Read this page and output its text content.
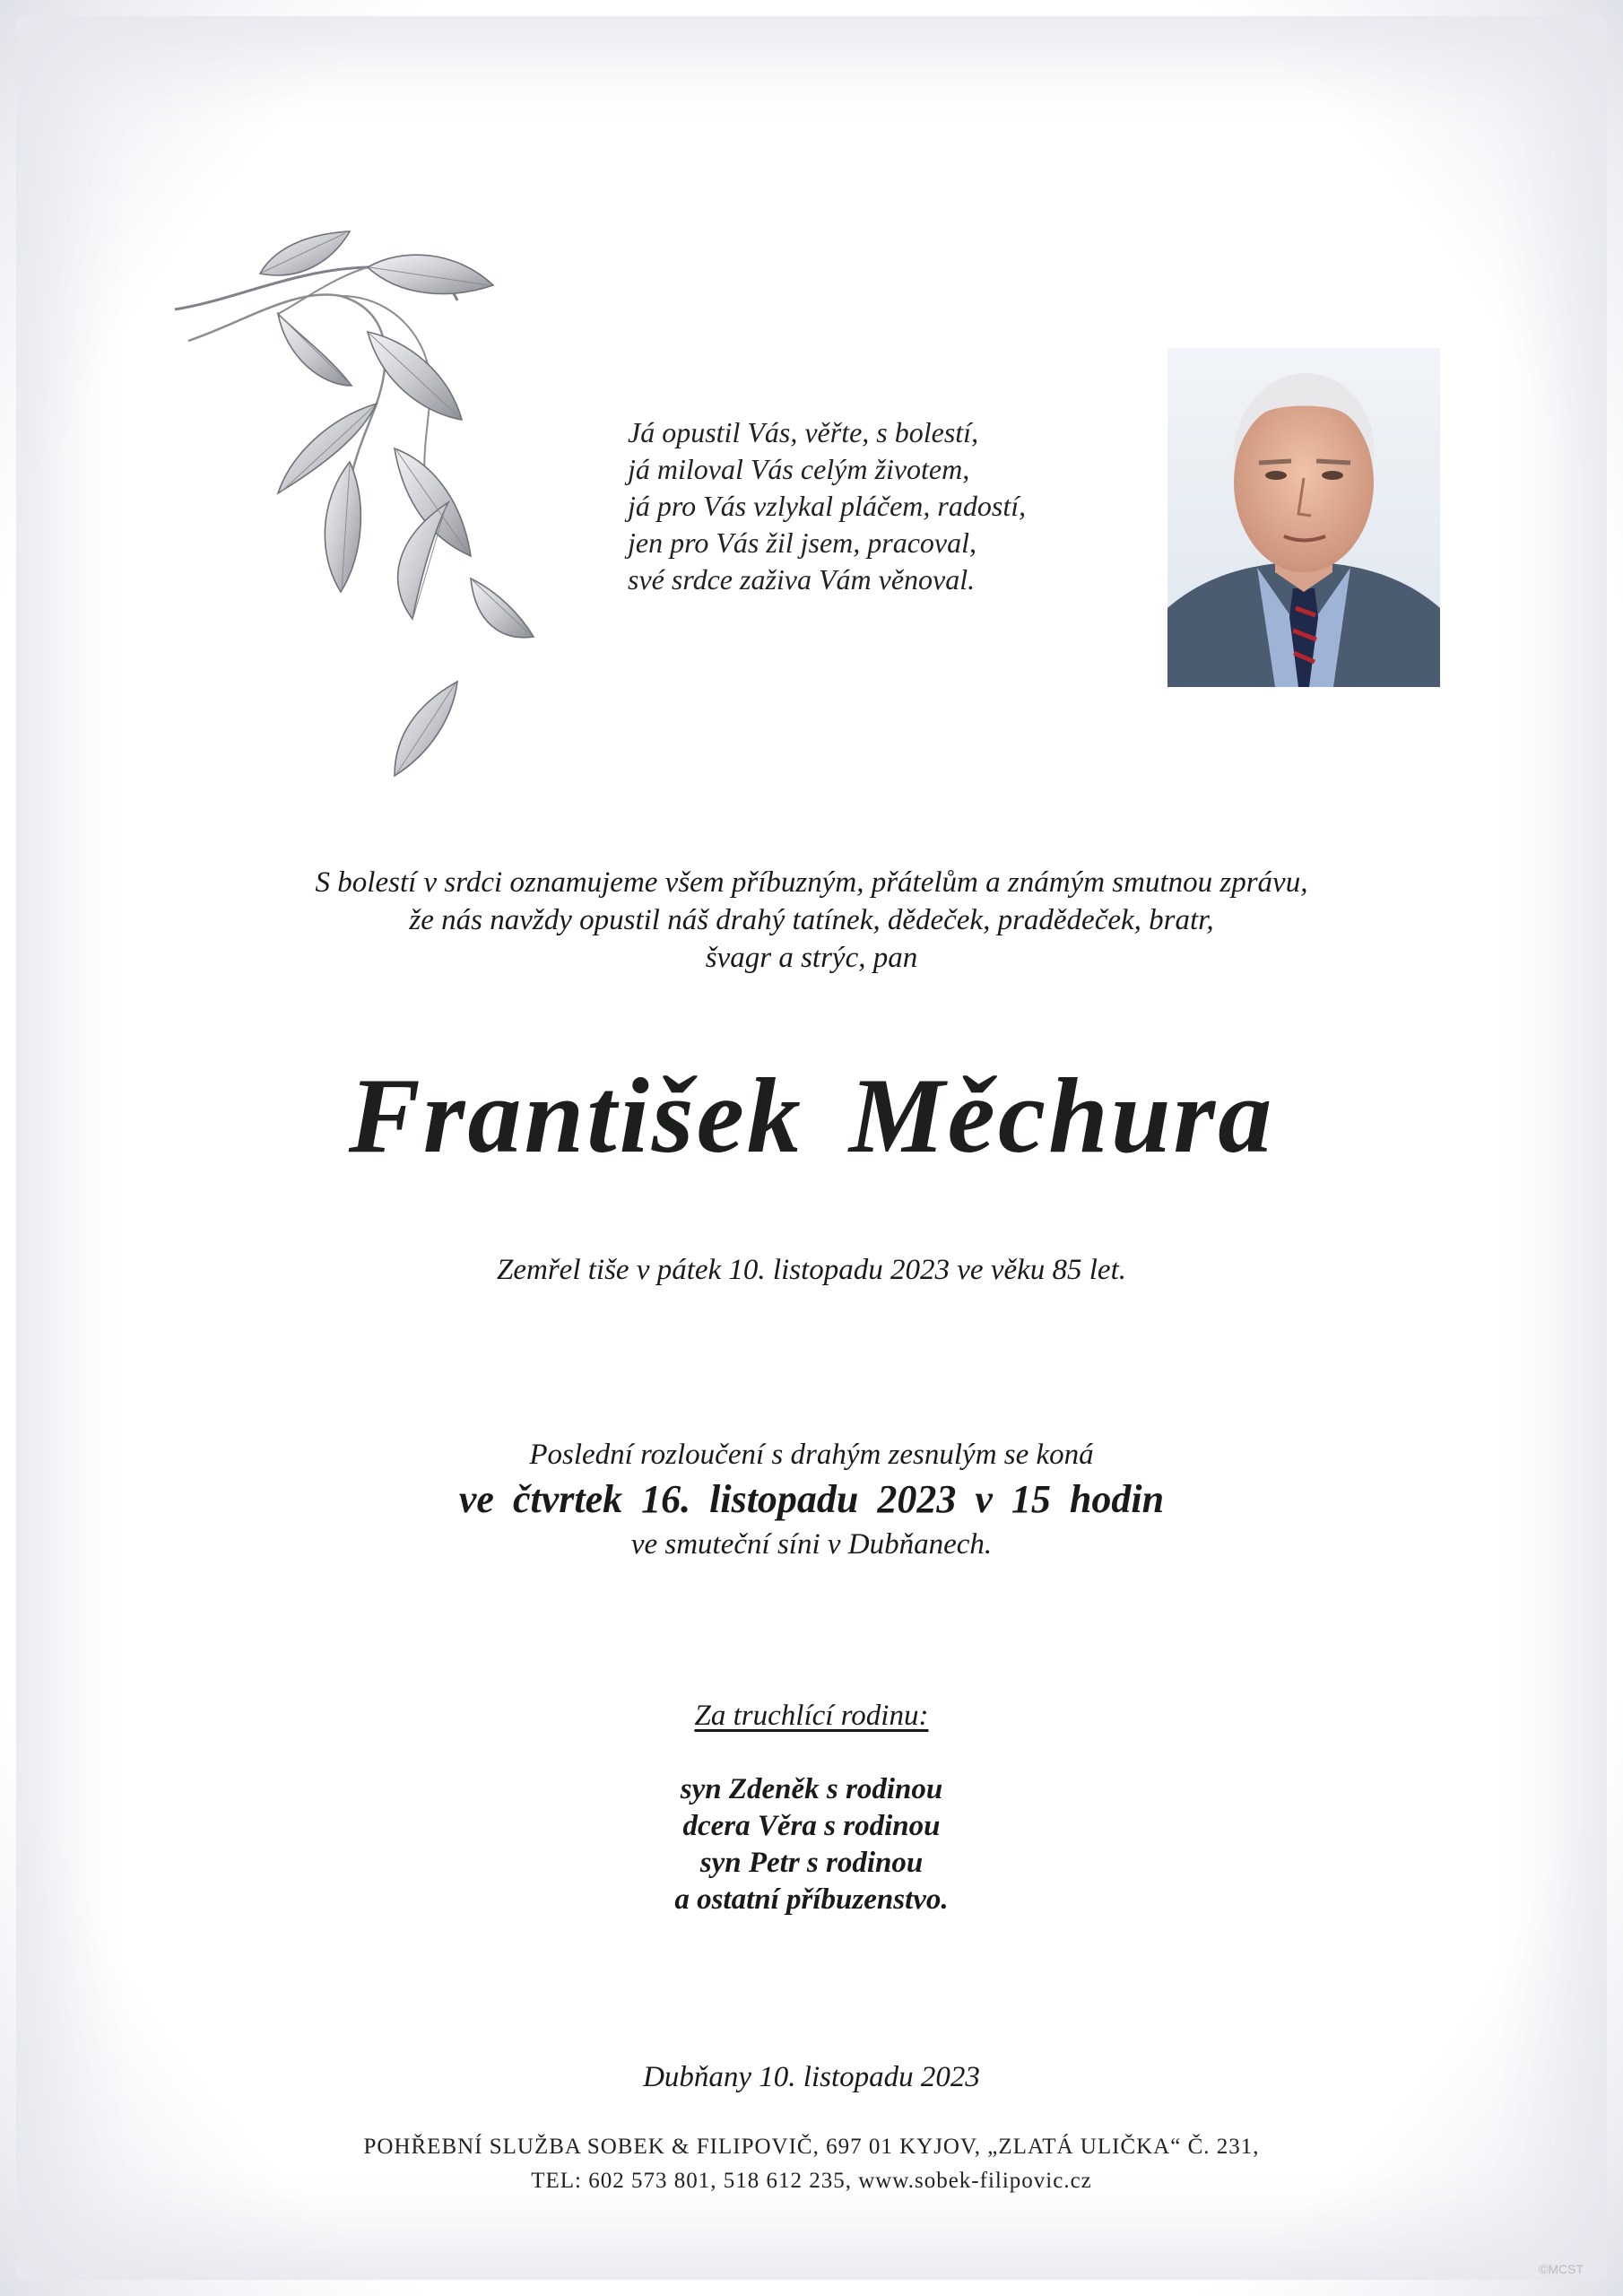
Já opustil Vás, věřte, s bolestí,
já miloval Vás celým životem,
já pro Vás vzlykal pláčem, radostí,
jen pro Vás žil jsem, pracoval,
své srdce zaživa Vám věnoval.
S bolestí v srdci oznamujeme všem příbuzným, přátelům a známým smutnou zprávu,
že nás navždy opustil náš drahý tatínek, dědeček, pradědeček, bratr,
švagr a strýc, pan
František Měchura
Zemřel tiše v pátek 10. listopadu 2023 ve věku 85 let.
Poslední rozloučení s drahým zesnulým se koná
ve čtvrtek 16. listopadu 2023 v 15 hodin
ve smuteční síni v Dubňanech.
Za truchlící rodinu:
syn Zdeněk s rodinou
dcera Věra s rodinou
syn Petr s rodinou
a ostatní příbuzenstvo.
Dubňany 10. listopadu 2023
POHŘEBNÍ SLUŽBA SOBEK & FILIPOVIČ, 697 01 KYJOV, „ZLATÁ ULIČKA“ Č. 231,
TEL: 602 573 801, 518 612 235, www.sobek-filipovic.cz
©MCST
